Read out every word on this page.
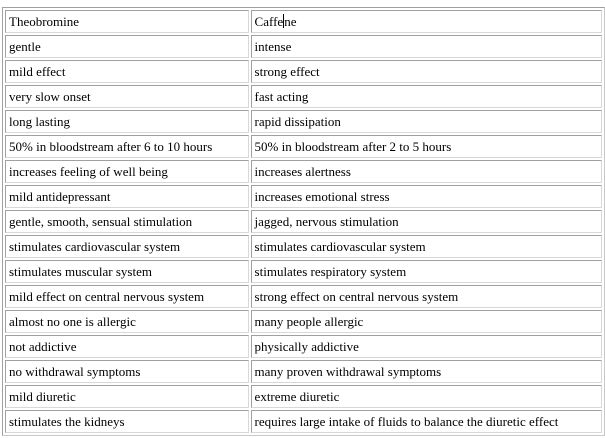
Theobromine	Caffene
gentle	intense
mild effect	strong effect
very slow onset	fast acting
long lasting	rapid dissipation
50% in bloodstream after 6 to 10 hours	50% in bloodstream after 2 to 5 hours
increases feeling of well being	increases alertness
mild antidepressant	increases emotional stress
gentle, smooth, sensual stimulation	jagged, nervous stimulation
stimulates cardiovascular system	stimulates cardiovascular system
stimulates muscular system	stimulates respiratory system
mild effect on central nervous system	strong effect on central nervous system
almost no one is allergic	many people allergic
not addictive	physically addictive
no withdrawal symptoms	many proven withdrawal symptoms
mild diuretic	extreme diuretic
stimulates the kidneys	requires large intake of fluids to balance the diuretic effect
